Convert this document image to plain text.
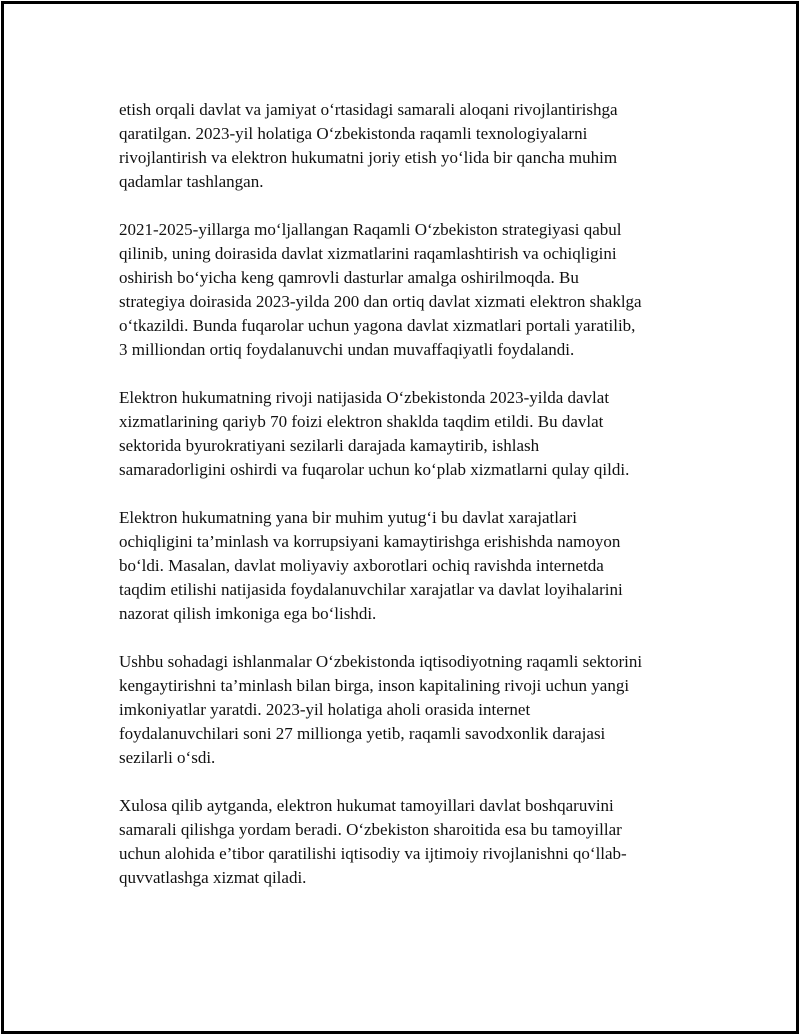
etish orqali davlat va jamiyat o‘rtasidagi samarali aloqani rivojlantirishga
qaratilgan. 2023-yil holatiga O‘zbekistonda raqamli texnologiyalarni
rivojlantirish va elektron hukumatni joriy etish yo‘lida bir qancha muhim
qadamlar tashlangan.

2021-2025-yillarga mo‘ljallangan Raqamli O‘zbekiston strategiyasi qabul
qilinib, uning doirasida davlat xizmatlarini raqamlashtirish va ochiqligini
oshirish bo‘yicha keng qamrovli dasturlar amalga oshirilmoqda. Bu
strategiya doirasida 2023-yilda 200 dan ortiq davlat xizmati elektron shaklga
o‘tkazildi. Bunda fuqarolar uchun yagona davlat xizmatlari portali yaratilib,
3 milliondan ortiq foydalanuvchi undan muvaffaqiyatli foydalandi.

Elektron hukumatning rivoji natijasida O‘zbekistonda 2023-yilda davlat
xizmatlarining qariyb 70 foizi elektron shaklda taqdim etildi. Bu davlat
sektorida byurokratiyani sezilarli darajada kamaytirib, ishlash
samaradorligini oshirdi va fuqarolar uchun ko‘plab xizmatlarni qulay qildi.

Elektron hukumatning yana bir muhim yutug‘i bu davlat xarajatlari
ochiqligini ta’minlash va korrupsiyani kamaytirishga erishishda namoyon
bo‘ldi. Masalan, davlat moliyaviy axborotlari ochiq ravishda internetda
taqdim etilishi natijasida foydalanuvchilar xarajatlar va davlat loyihalarini
nazorat qilish imkoniga ega bo‘lishdi.

Ushbu sohadagi ishlanmalar O‘zbekistonda iqtisodiyotning raqamli sektorini
kengaytirishni ta’minlash bilan birga, inson kapitalining rivoji uchun yangi
imkoniyatlar yaratdi. 2023-yil holatiga aholi orasida internet
foydalanuvchilari soni 27 millionga yetib, raqamli savodxonlik darajasi
sezilarli o‘sdi.

Xulosa qilib aytganda, elektron hukumat tamoyillari davlat boshqaruvini
samarali qilishga yordam beradi. O‘zbekiston sharoitida esa bu tamoyillar
uchun alohida e’tibor qaratilishi iqtisodiy va ijtimoiy rivojlanishni qo‘llab-
quvvatlashga xizmat qiladi.
